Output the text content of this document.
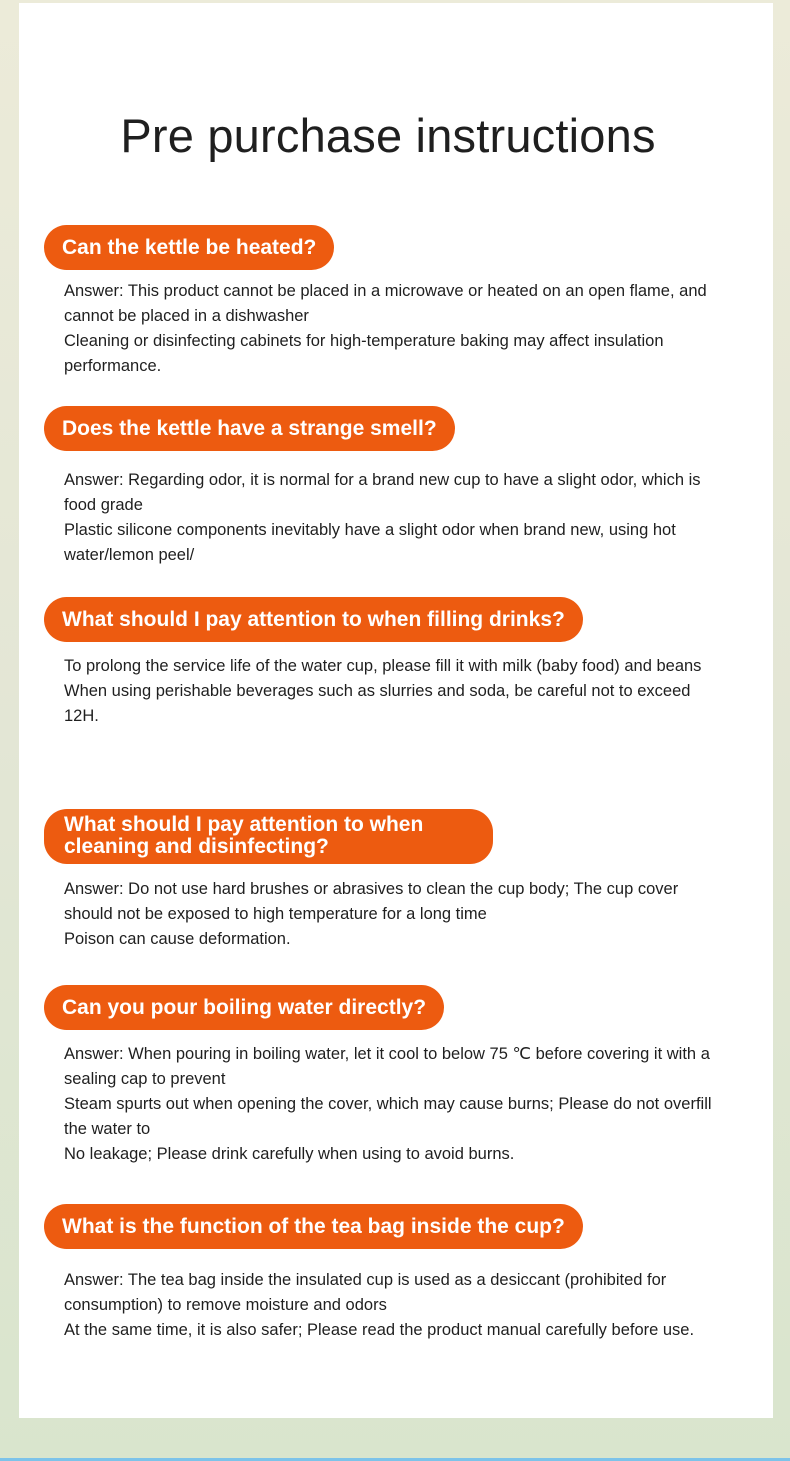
Pre purchase instructions
Can the kettle be heated?

Answer: This product cannot be placed in a microwave or heated on an open flame, and cannot be placed in a dishwasher

Cleaning or disinfecting cabinets for high-temperature baking may affect insulation performance.

Does the kettle have a strange smell?

Answer: Regarding odor, it is normal for a brand new cup to have a slight odor, which is food grade

Plastic silicone components inevitably have a slight odor when brand new, using hot water/lemon peel/

What should I pay attention to when filling drinks?

To prolong the service life of the water cup, please fill it with milk (baby food) and beans

When using perishable beverages such as slurries and soda, be careful not to exceed 12H.

What should I pay attention to when cleaning and disinfecting?

Answer: Do not use hard brushes or abrasives to clean the cup body; The cup cover should not be exposed to high temperature for a long time

Poison can cause deformation.

Can you pour boiling water directly?

Answer: When pouring in boiling water, let it cool to below 75 ℃ before covering it with a sealing cap to prevent

Steam spurts out when opening the cover, which may cause burns; Please do not overfill the water to

No leakage; Please drink carefully when using to avoid burns.

What is the function of the tea bag inside the cup?

Answer: The tea bag inside the insulated cup is used as a desiccant (prohibited for consumption) to remove moisture and odors

At the same time, it is also safer; Please read the product manual carefully before use.
